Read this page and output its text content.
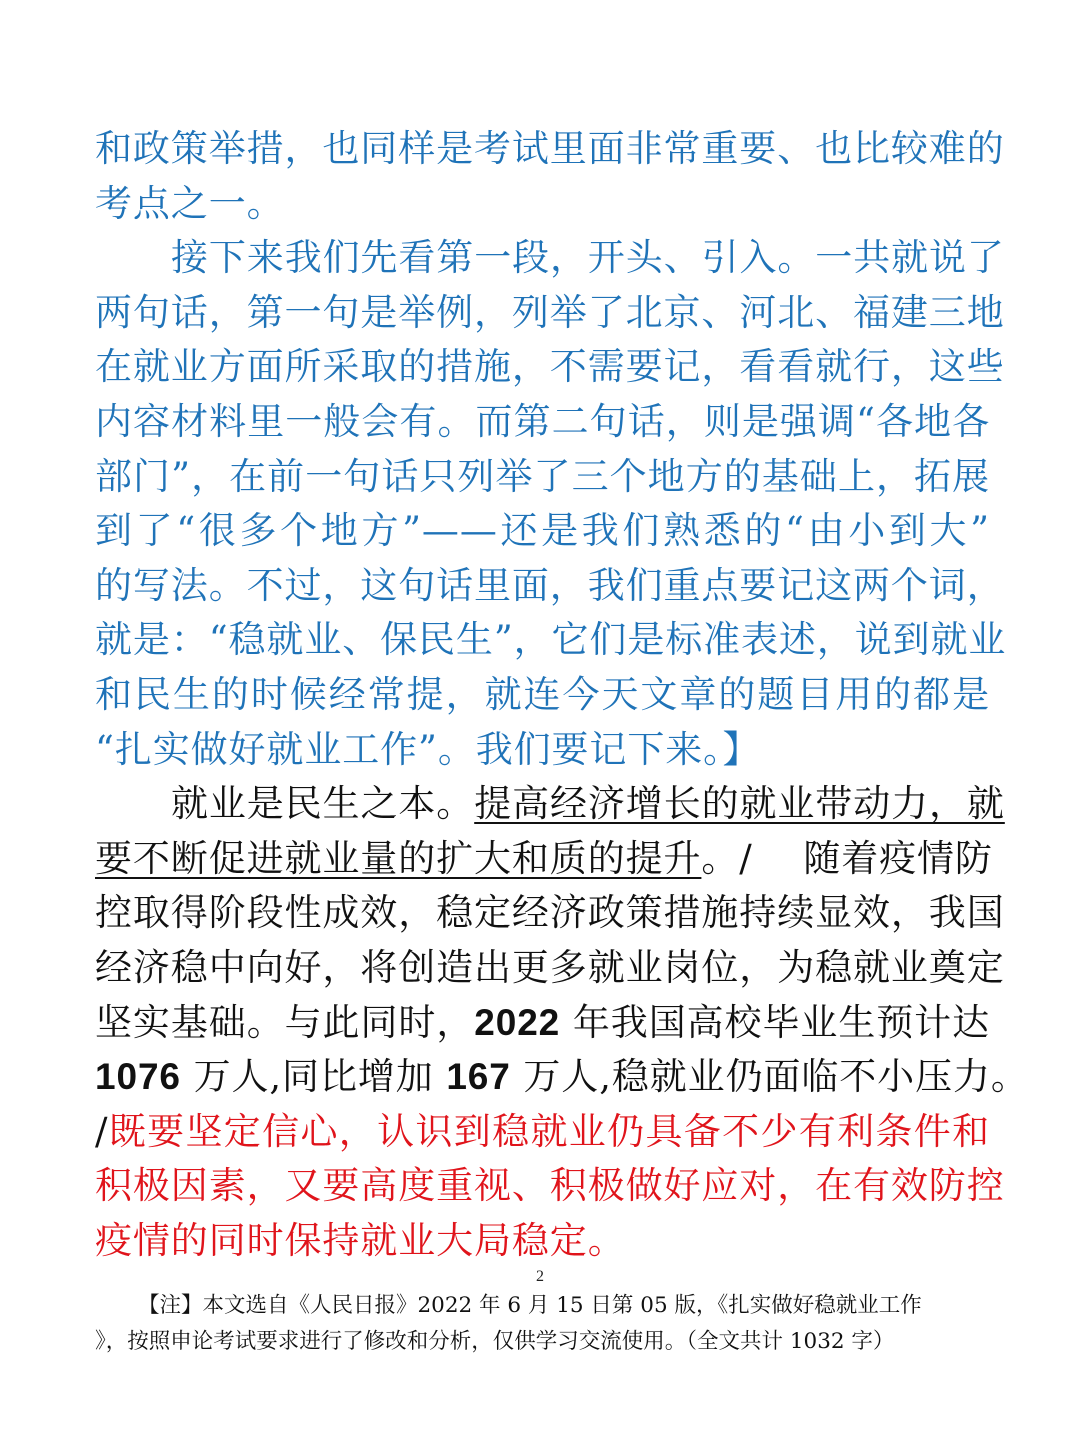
和政策举措，也同样是考试里面非常重要、也比较难的
考点之一。
接下来我们先看第一段，开头、引入。一共就说了
两句话，第一句是举例，列举了北京、河北、福建三地
在就业方面所采取的措施，不需要记，看看就行，这些
内容材料里一般会有。而第二句话，则是强调“各地各
部门”，在前一句话只列举了三个地方的基础上，拓展
到了“很多个地方”——还是我们熟悉的“由小到大”
的写法。不过，这句话里面，我们重点要记这两个词，
就是：“稳就业、保民生”，它们是标准表述，说到就业
和民生的时候经常提，就连今天文章的题目用的都是
“扎实做好就业工作”。我们要记下来。】
就业是民生之本。提高经济增长的就业带动力，就
要不断促进就业量的扩大和质的提升。/    随着疫情防
控取得阶段性成效，稳定经济政策措施持续显效，我国
经济稳中向好，将创造出更多就业岗位，为稳就业奠定
坚实基础。与此同时，2022 年我国高校毕业生预计达
1076 万人,同比增加 167 万人,稳就业仍面临不小压力。
/既要坚定信心，认识到稳就业仍具备不少有利条件和
积极因素，又要高度重视、积极做好应对，在有效防控
疫情的同时保持就业大局稳定。
2
【注】本文选自《人民日报》2022 年 6 月 15 日第 05 版，《扎实做好稳就业工作
》，按照申论考试要求进行了修改和分析，仅供学习交流使用。（全文共计 1032 字）
